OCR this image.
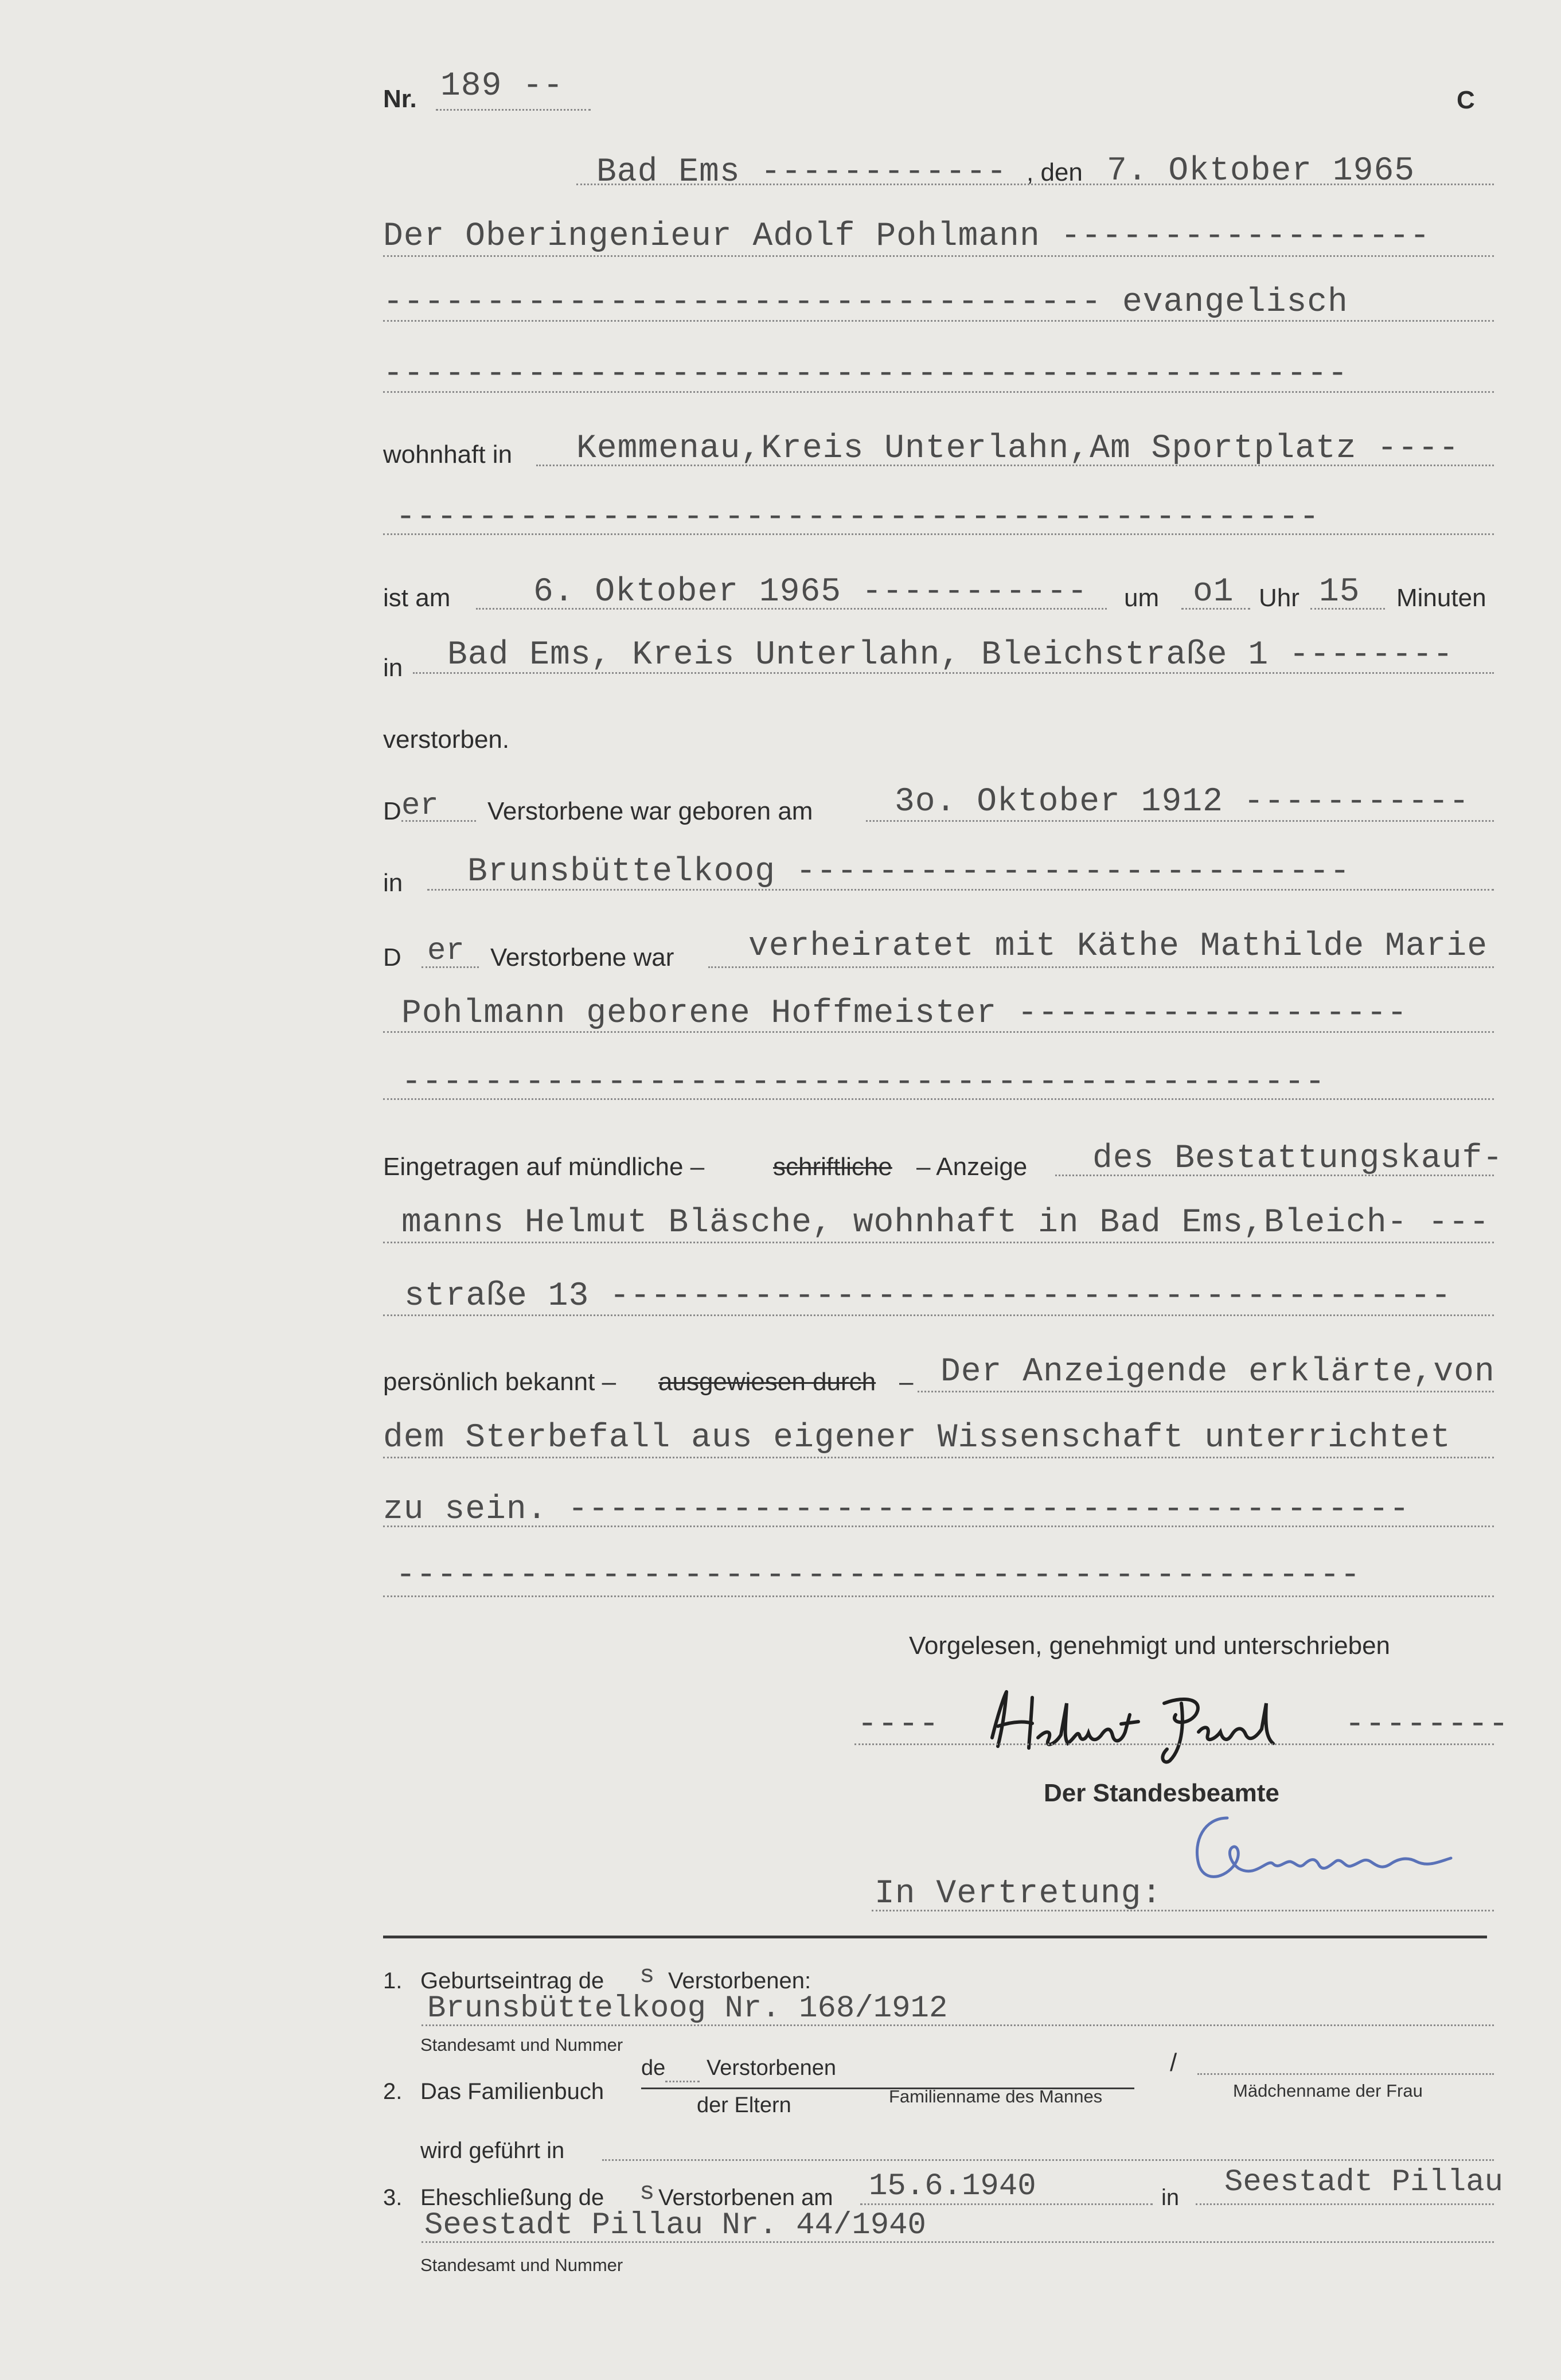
Nr. 189 --	C
Bad Ems ------------ , den 7. Oktober 1965
Der Oberingenieur Adolf Pohlmann ------------------
----------------------------------- evangelisch
-----------------------------------------------
wohnhaft in Kemmenau,Kreis Unterlahn,Am Sportplatz ----
---------------------------------------------
ist am 6. Oktober 1965 ----------- um o1 Uhr 15 Minuten
in Bad Ems, Kreis Unterlahn, Bleichstraße 1 --------
verstorben.
D er Verstorbene war geboren am 3o. Oktober 1912 -----------
in Brunsbüttelkoog ---------------------------
D er Verstorbene war verheiratet mit Käthe Mathilde Marie
Pohlmann geborene Hoffmeister -------------------
---------------------------------------------
Eingetragen auf mündliche –	schriftliche – Anzeige des Bestattungskauf-
manns Helmut Bläsche, wohnhaft in Bad Ems,Bleich- ---
straße 13 -----------------------------------------
persönlich bekannt – ausgewiesen durch – Der Anzeigende erklärte,von
dem Sterbefall aus eigener Wissenschaft unterrichtet
zu sein. -----------------------------------------
-----------------------------------------------
Vorgelesen, genehmigt und unterschrieben
----	--------
Der Standesbeamte
In Vertretung:
1. Geburtseintrag de s Verstorbenen:
Brunsbüttelkoog Nr. 168/1912
Standesamt und Nummer
2. Das Familienbuch
de Verstorbenen
der Eltern	Familienname des Mannes
/
Mädchenname der Frau
wird geführt in
3. Eheschließung de s Verstorbenen am 15.6.1940	in Seestadt Pillau
Seestadt Pillau Nr. 44/1940
Standesamt und Nummer
